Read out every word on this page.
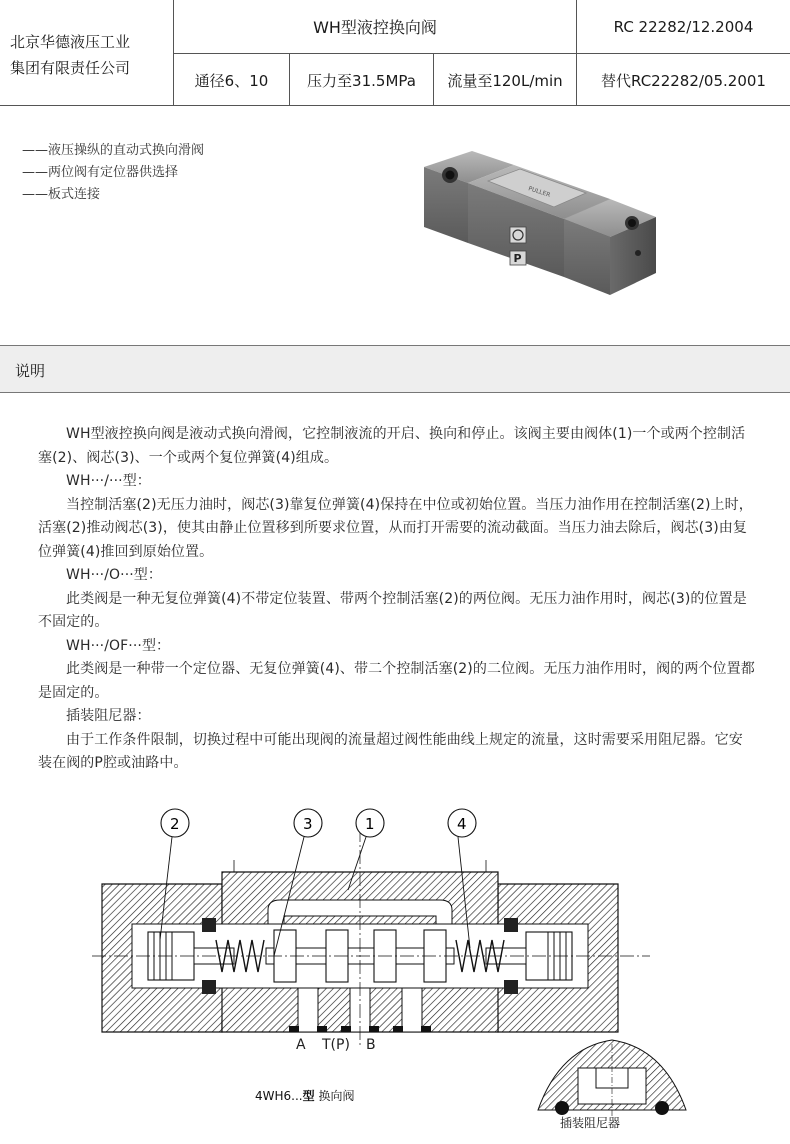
北京华德液压工业
集团有限责任公司
WH型液控换向阀	RC 22282/12.2004
通径6、10	压力至31.5MPa	流量至120L/min	替代RC22282/05.2001
——液压操纵的直动式换向滑阀
——两位阀有定位器供选择
——板式连接	PULLER
P
说明

WH型液控换向阀是液动式换向滑阀，它控制液流的开启、换向和停止。该阀主要由阀体(1)一个或两个控制活塞(2)、阀芯(3)、一个或两个复位弹簧(4)组成。

WH···/···型：

当控制活塞(2)无压力油时，阀芯(3)靠复位弹簧(4)保持在中位或初始位置。当压力油作用在控制活塞(2)上时，活塞(2)推动阀芯(3)，使其由静止位置移到所要求位置，从而打开需要的流动截面。当压力油去除后，阀芯(3)由复位弹簧(4)推回到原始位置。

WH···/O···型：

此类阀是一种无复位弹簧(4)不带定位装置、带两个控制活塞(2)的两位阀。无压力油作用时，阀芯(3)的位置是不固定的。

WH···/OF···型：

此类阀是一种带一个定位器、无复位弹簧(4)、带二个控制活塞(2)的二位阀。无压力油作用时，阀的两个位置都是固定的。

插装阻尼器：

由于工作条件限制，切换过程中可能出现阀的流量超过阀性能曲线上规定的流量，这时需要采用阻尼器。它安装在阀的P腔或油路中。

2	3	1	4
A T(P) B
4WH6...型 换向阀
插装阻尼器
